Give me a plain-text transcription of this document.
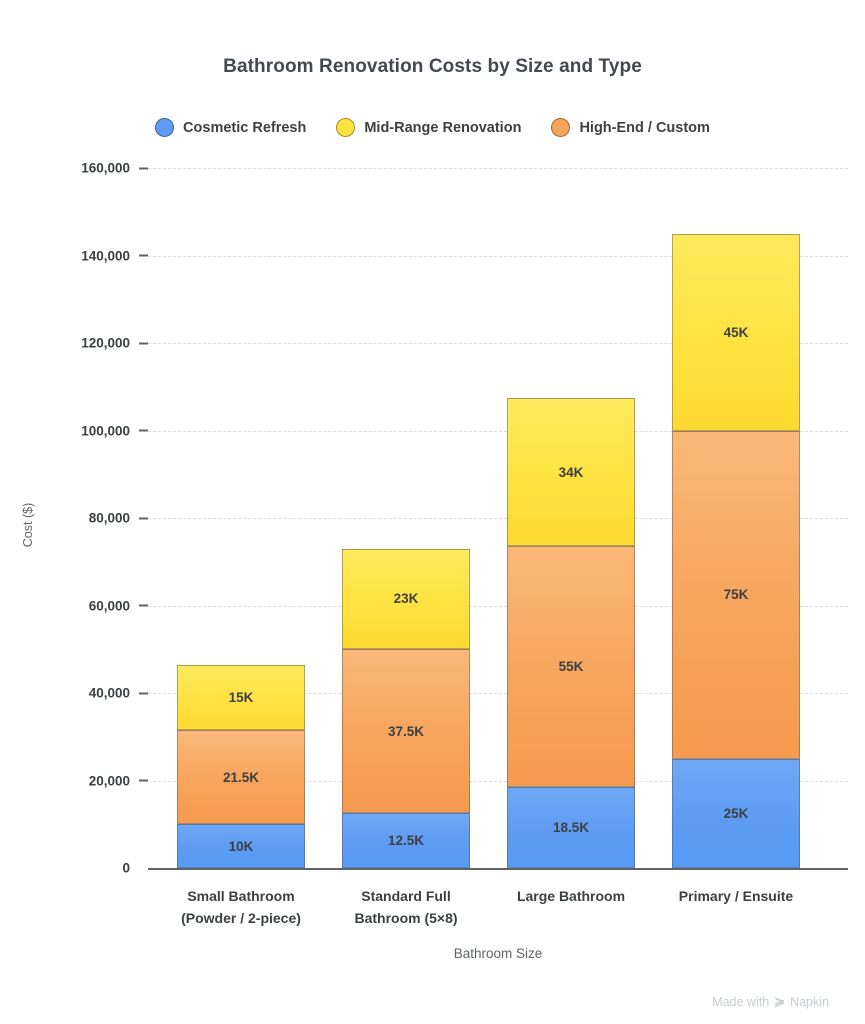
Bathroom Renovation Costs by Size and Type
Cosmetic Refresh	Mid-Range Renovation	High-End / Custom
Cost ($)
160,000
140,000
120,000
100,000
80,000
60,000
40,000
20,000
0
10K
21.5K
15K
12.5K
37.5K
23K
18.5K
55K
34K
25K
75K
45K
Small Bathroom
(Powder / 2-piece)
Standard Full
Bathroom (5×8)
Large Bathroom	Primary / Ensuite
Bathroom Size
Made with ≽ Napkin
